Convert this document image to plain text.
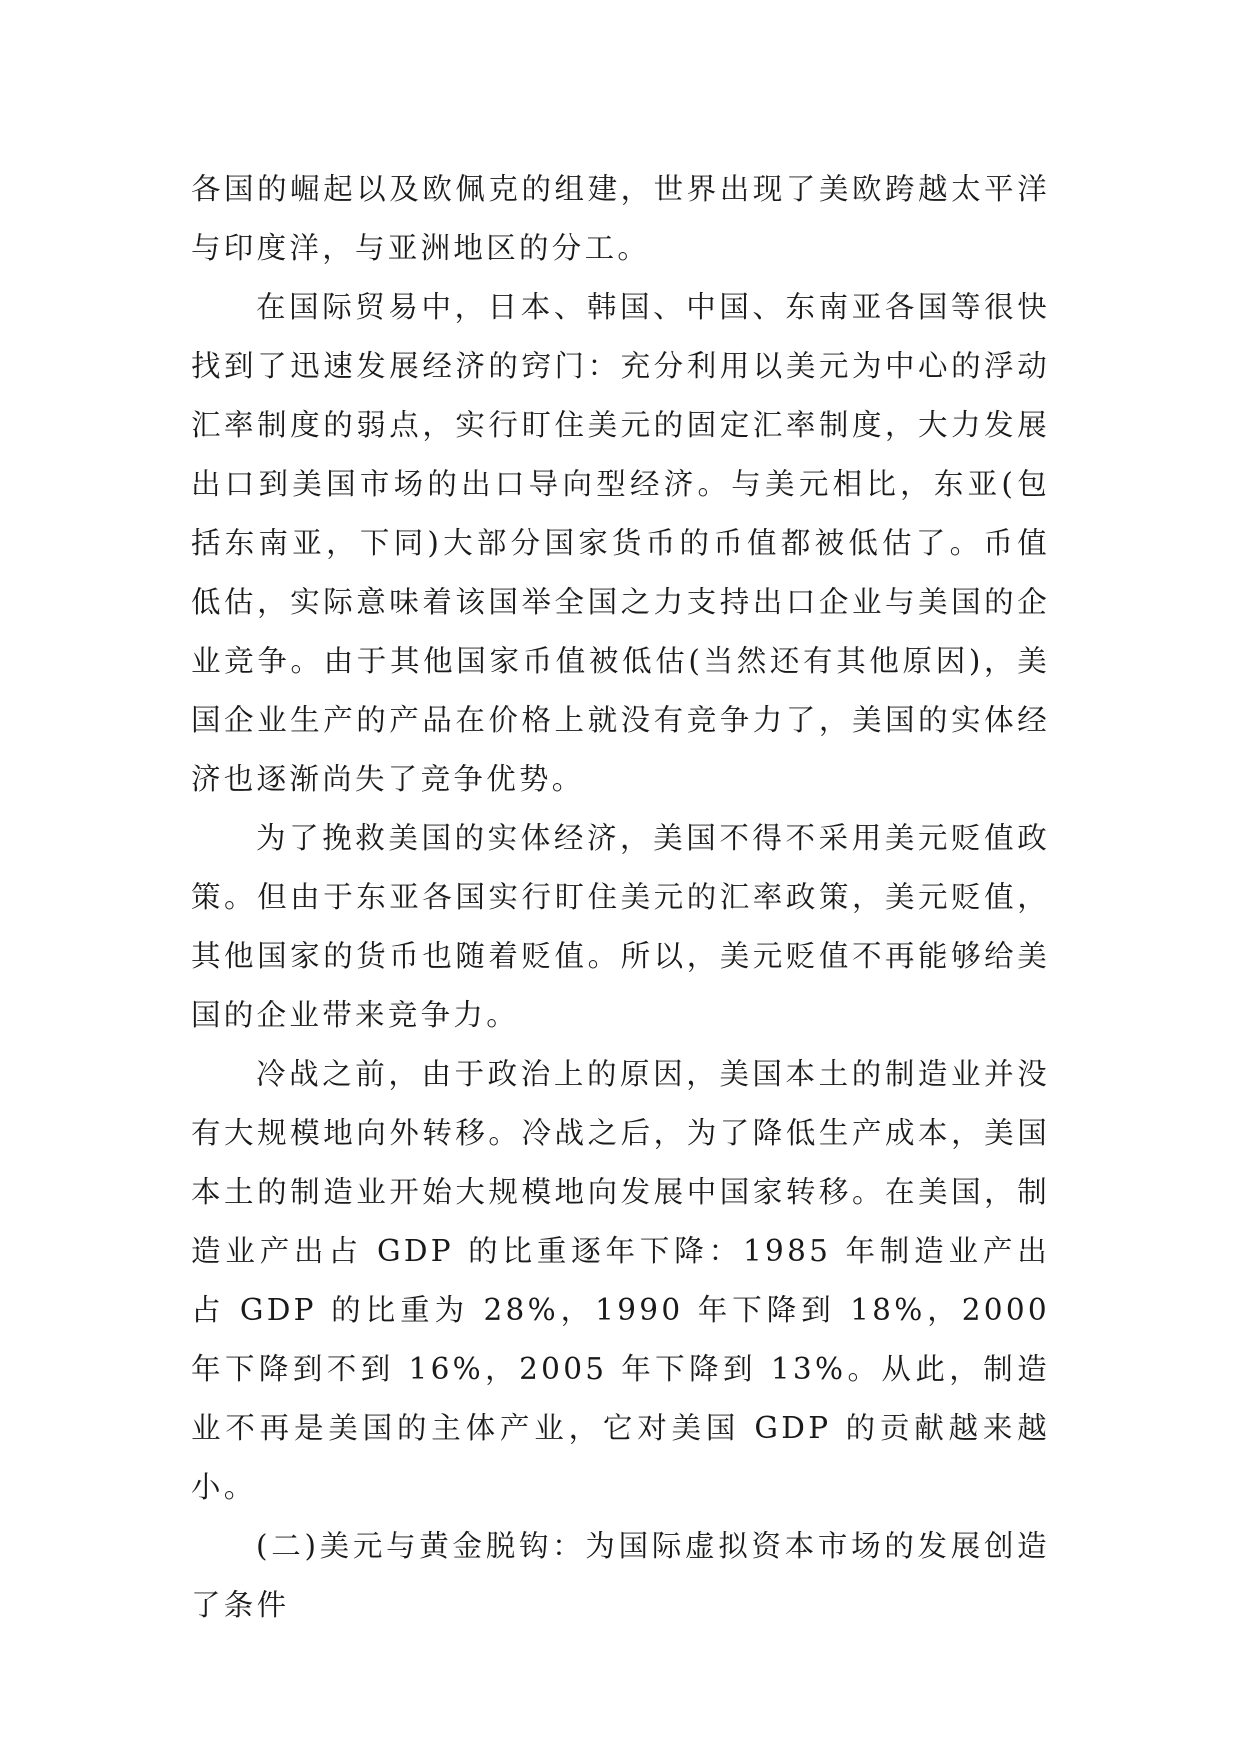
各国的崛起以及欧佩克的组建，世界出现了美欧跨越太平洋与印度洋，与亚洲地区的分工。

在国际贸易中，日本、韩国、中国、东南亚各国等很快找到了迅速发展经济的窍门：充分利用以美元为中心的浮动汇率制度的弱点，实行盯住美元的固定汇率制度，大力发展出口到美国市场的出口导向型经济。与美元相比，东亚(包括东南亚，下同)大部分国家货币的币值都被低估了。币值低估，实际意味着该国举全国之力支持出口企业与美国的企业竞争。由于其他国家币值被低估(当然还有其他原因)，美国企业生产的产品在价格上就没有竞争力了，美国的实体经济也逐渐尚失了竞争优势。

为了挽救美国的实体经济，美国不得不采用美元贬值政策。但由于东亚各国实行盯住美元的汇率政策，美元贬值，其他国家的货币也随着贬值。所以，美元贬值不再能够给美国的企业带来竞争力。

冷战之前，由于政治上的原因，美国本土的制造业并没有大规模地向外转移。冷战之后，为了降低生产成本，美国本土的制造业开始大规模地向发展中国家转移。在美国，制造业产出占 GDP 的比重逐年下降：1985 年制造业产出占 GDP 的比重为 28%，1990 年下降到 18%，2000 年下降到不到 16%，2005 年下降到 13%。从此，制造业不再是美国的主体产业，它对美国 GDP 的贡献越来越小。

(二)美元与黄金脱钩：为国际虚拟资本市场的发展创造了条件
